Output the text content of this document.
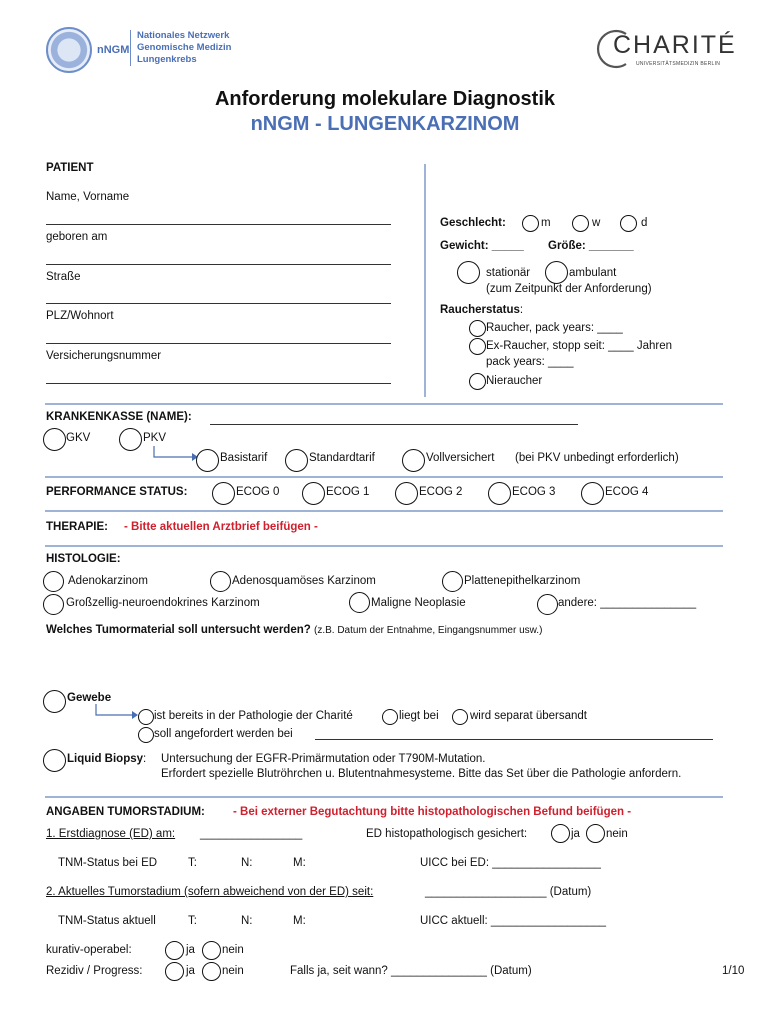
nNGM
Nationales Netzwerk
Genomische Medizin
Lungenkrebs
CHARITÉ
UNIVERSITÄTSMEDIZIN BERLIN
Anforderung molekulare Diagnostik
nNGM - LUNGENKARZINOM
PATIENT
Name, Vorname
geboren am
Straße
PLZ/Wohnort
Versicherungsnummer
Geschlecht:	m	w	d
Gewicht: _____ Größe: _______
stationär	ambulant
(zum Zeitpunkt der Anforderung)
Raucherstatus:
Raucher, pack years: ____
Ex-Raucher, stopp seit: ____ Jahren
pack years: ____
Nieraucher
KRANKENKASSE (NAME):
GKV	PKV
Basistarif	Standardtarif	Vollversichert (bei PKV unbedingt erforderlich)
PERFORMANCE STATUS:	ECOG 0	ECOG 1	ECOG 2	ECOG 3	ECOG 4
THERAPIE: - Bitte aktuellen Arztbrief beifügen -
HISTOLOGIE:
Adenokarzinom	Adenosquamöses Karzinom	Plattenepithelkarzinom
Großzellig-neuroendokrines Karzinom	Maligne Neoplasie	andere: _______________
Welches Tumormaterial soll untersucht werden? (z.B. Datum der Entnahme, Eingangsnummer usw.)
Gewebe
ist bereits in der Pathologie der Charité	liegt bei	wird separat übersandt
soll angefordert werden bei
Liquid Biopsy: Untersuchung der EGFR-Primärmutation oder T790M-Mutation.
Erfordert spezielle Blutröhrchen u. Blutentnahmesysteme. Bitte das Set über die Pathologie anfordern.
ANGABEN TUMORSTADIUM: - Bei externer Begutachtung bitte histopathologischen Befund beifügen -
1. Erstdiagnose (ED) am: ________________	ED histopathologisch gesichert:	ja nein
TNM-Status bei ED	T:	N:	M:	UICC bei ED: _________________
2. Aktuelles Tumorstadium (sofern abweichend von der ED) seit:	___________________ (Datum)
TNM-Status aktuell	T:	N:	M:	UICC aktuell: __________________
kurativ-operabel:	ja nein
Rezidiv / Progress:	ja nein	Falls ja, seit wann? _______________ (Datum)	1/10
